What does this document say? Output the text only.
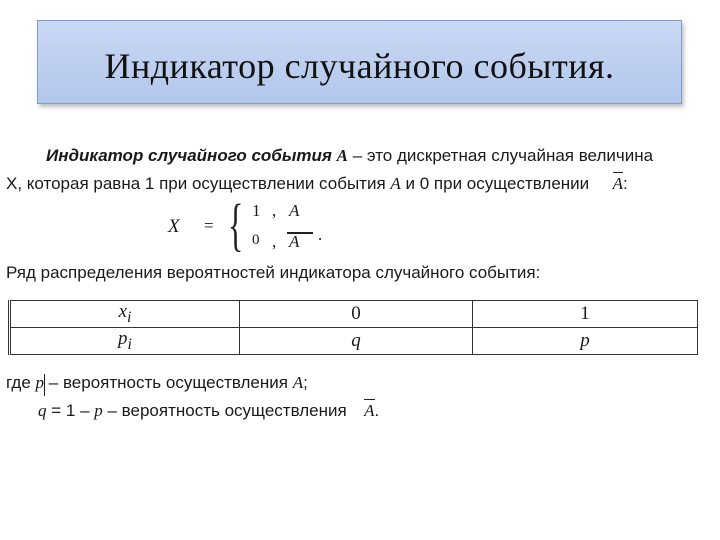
Индикатор случайного события.
Индикатор случайного события A – это дискретная случайная величина
X, которая равна 1 при осуществлении события A и 0 при осуществлении A:
X = { 1 , A
0 , A .
Ряд распределения вероятностей индикатора случайного события:
$x_i$	0	1
$p_i$	q	p
где p – вероятность осуществления A;
q = 1 – p – вероятность осуществления A.
